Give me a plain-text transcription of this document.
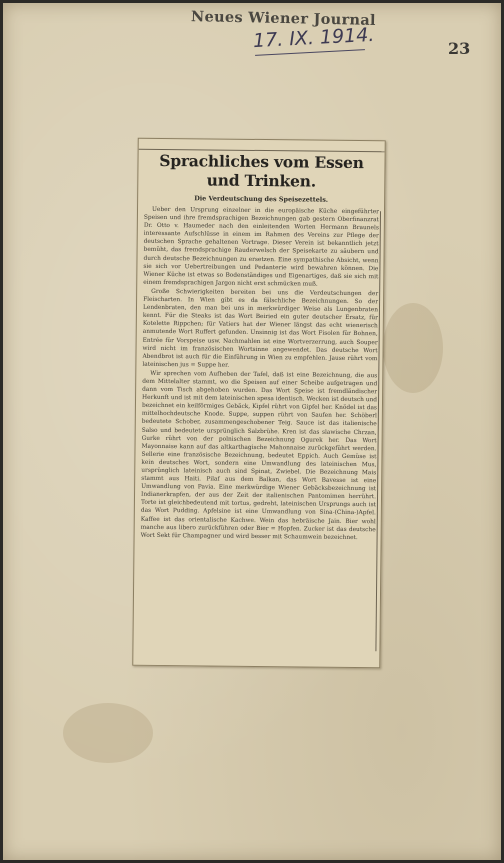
Neues Wiener Journal
17. IX. 1914.	23
Sprachliches vom Essen und Trinken.
Die Verdeutschung des Speisezettels.

Ueber den Ursprung einzelner in die europäische Küche eingeführter Speisen und ihre fremdsprachigen Bezeichnungen gab gestern Oberfinanzrat Dr. Otto v. Haumeder nach den einleitenden Worten Hermann Braunels interessante Aufschlüsse in einem im Rahmen des Vereins zur Pflege der deutschen Sprache gehaltenen Vortrage. Dieser Verein ist bekanntlich jetzt bemüht, das fremdsprachige Rauderwelsch der Speisekarte zu säubern und durch deutsche Bezeichnungen zu ersetzen. Eine sympathische Absicht, wenn sie sich vor Uebertreibungen und Pedanterie wird bewahren können. Die Wiener Küche ist etwas so Bodenständiges und Eigenartiges, daß sie sich mit einem fremdsprachigen Jargon nicht erst schmücken muß.

Große Schwierigkeiten bereiten bei uns die Verdeutschungen der Fleischarten. In Wien gibt es da fälschliche Bezeichnungen. So der Lendenbraten, den man bei uns in merkwürdiger Weise als Lungenbraten kennt. Für die Steaks ist das Wort Beiried ein guter deutscher Ersatz, für Kotelette Rippchen; für Vatiers hat der Wiener längst das echt wienerisch anmutende Wort Ruffert gefunden. Unsinnig ist das Wort Fisolen für Bohnen, Entrée für Vorspeise usw. Nachmahlen ist eine Wortverzerrung, auch Souper wird nicht im französischen Wortsinne angewendet. Das deutsche Wort Abendbrot ist auch für die Einführung in Wien zu empfehlen. Jause rührt vom lateinischen jus = Suppe her.

Wir sprechen vom Aufheben der Tafel, daß ist eine Bezeichnung, die aus dem Mittelalter stammt, wo die Speisen auf einer Scheibe aufgetragen und dann vom Tisch abgehoben wurden. Das Wort Speise ist fremdländischer Herkunft und ist mit dem lateinischen spesa identisch. Wecken ist deutsch und bezeichnet ein keilförmiges Gebäck, Kipfel rührt von Gipfel her. Knödel ist das mittelhochdeutsche Knode. Suppe, suppen rührt von Saufen her. Schöberl bedeutete Schober, zusammengeschobener Teig. Sauce ist das italienische Salso und bedeutete ursprünglich Salzbrühe. Kren ist das slawische Chrzan, Gurke rührt von der polnischen Bezeichnung Ogurek her. Das Wort Mayonnaise kann auf das altkarthagische Mahonnaise zurückgeführt werden. Sellerie eine französische Bezeichnung, bedeutet Eppich. Auch Gemüse ist kein deutsches Wort, sondern eine Umwandlung des lateinischen Mus, ursprünglich lateinisch auch sind Spinat, Zwiebel. Die Bezeichnung Mais stammt aus Haiti. Pilaf aus dem Balkan, das Wort Bavesse ist eine Umwandlung von Pavia. Eine merkwürdige Wiener Gebäcksbezeichnung ist Indianerkrapfen, der aus der Zeit der italienischen Pantomimen herrührt. Torte ist gleichbedeutend mit tortus, gedreht, lateinischen Ursprungs auch ist das Wort Pudding. Apfelsine ist eine Umwandlung von Sina-(China-)Apfel. Kaffee ist das orientalische Kachwe. Wein das hebräische Jain. Bier wohl manche aus libero zurückführen oder Bier = Hopfen. Zucker ist das deutsche Wort Sekt für Champagner und wird besser mit Schaumwein bezeichnet.
